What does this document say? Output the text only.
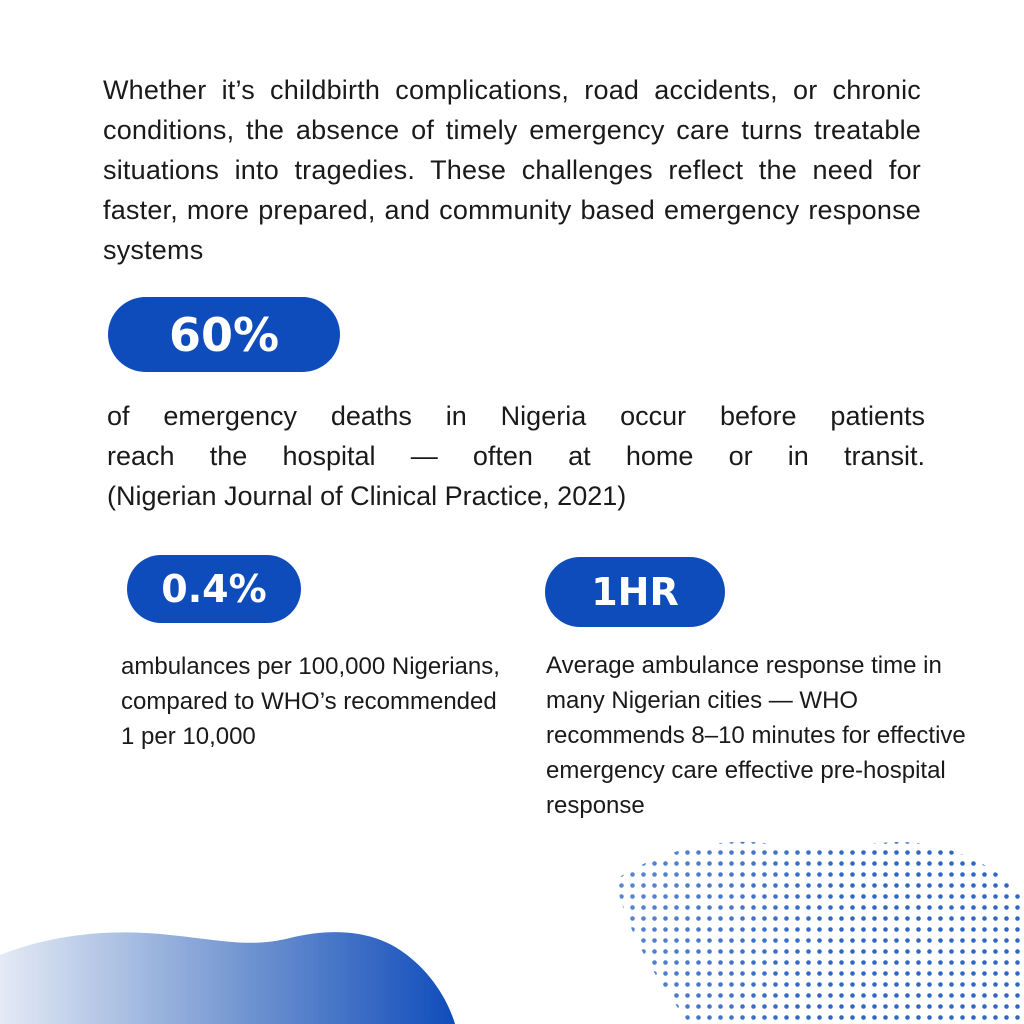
Whether it’s childbirth complications, road accidents, or chronic conditions, the absence of timely emergency care turns treatable situations into tragedies. These challenges reflect the need for faster, more prepared, and community based emergency response systems
60%
of emergency deaths in Nigeria occur before patients
reach the hospital — often at home or in transit.
(Nigerian Journal of Clinical Practice, 2021)
0.4%	1HR
ambulances per 100,000 Nigerians, compared to WHO’s recommended 1 per 10,000
Average ambulance response time in many Nigerian cities — WHO recommends 8–10 minutes for effective emergency care effective pre-hospital response
